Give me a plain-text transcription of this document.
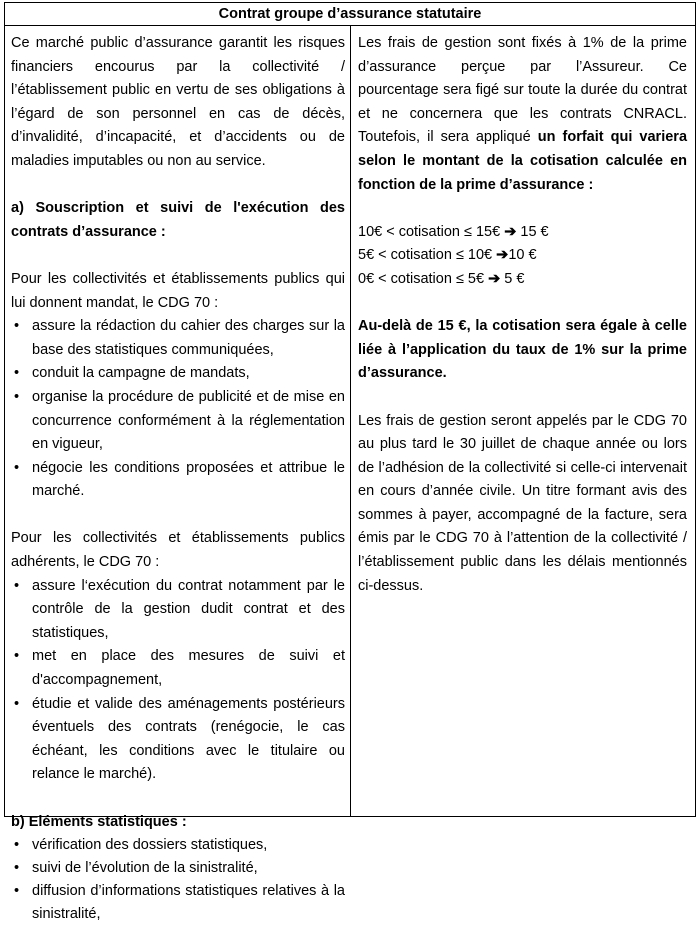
Contrat groupe d’assurance statutaire

Ce marché public d’assurance garantit les risques financiers encourus par la collectivité / l’établissement public en vertu de ses obligations à l’égard de son personnel en cas de décès, d’invalidité, d’incapacité, et d’accidents ou de maladies imputables ou non au service.

a) Souscription et suivi de l'exécution des contrats d’assurance :

Pour les collectivités et établissements publics qui lui donnent mandat, le CDG 70 :

• assure la rédaction du cahier des charges sur la base des statistiques communiquées,
• conduit la campagne de mandats,
• organise la procédure de publicité et de mise en concurrence conformément à la réglementation en vigueur,
• négocie les conditions proposées et attribue le marché.

Pour les collectivités et établissements publics adhérents, le CDG 70 :

• assure l‘exécution du contrat notamment par le contrôle de la gestion dudit contrat et des statistiques,
• met en place des mesures de suivi et d'accompagnement,
• étudie et valide des aménagements postérieurs éventuels des contrats (renégocie, le cas échéant, les conditions avec le titulaire ou relance le marché).

b) Eléments statistiques :

• vérification des dossiers statistiques,
• suivi de l’évolution de la sinistralité,
• diffusion d’informations statistiques relatives à la sinistralité,

Les frais de gestion sont fixés à 1% de la prime d’assurance perçue par l’Assureur. Ce pourcentage sera figé sur toute la durée du contrat et ne concernera que les contrats CNRACL. Toutefois, il sera appliqué un forfait qui variera selon le montant de la cotisation calculée en fonction de la prime d’assurance :

10€ < cotisation ≤ 15€ ➔ 15 €

5€ < cotisation ≤ 10€ ➔10 €

0€ < cotisation ≤ 5€ ➔ 5 €

Au-delà de 15 €, la cotisation sera égale à celle liée à l’application du taux de 1% sur la prime d’assurance.

Les frais de gestion seront appelés par le CDG 70 au plus tard le 30 juillet de chaque année ou lors de l’adhésion de la collectivité si celle-ci intervenait en cours d’année civile. Un titre formant avis des sommes à payer, accompagné de la facture, sera émis par le CDG 70 à l’attention de la collectivité / l’établissement public dans les délais mentionnés ci-dessus.
